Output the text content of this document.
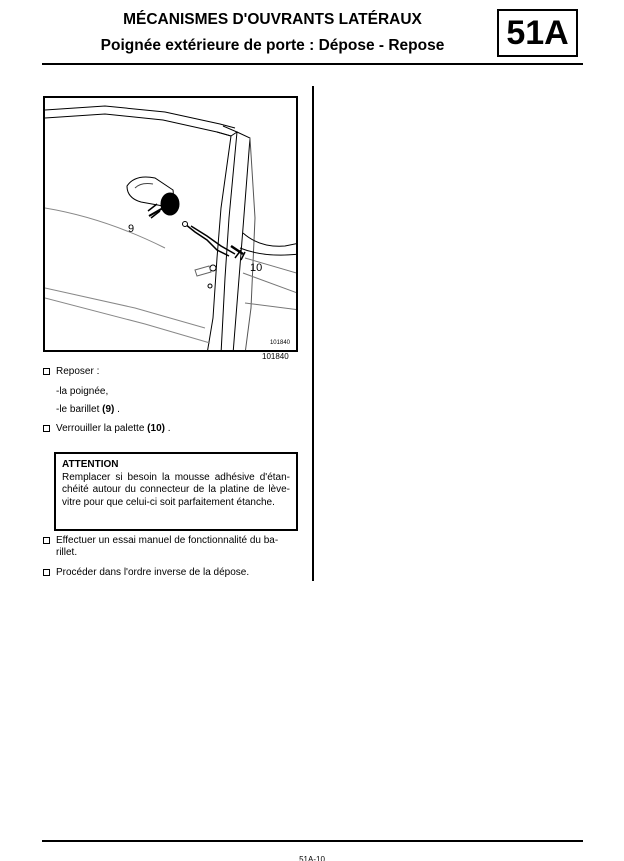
MÉCANISMES D'OUVRANTS LATÉRAUX
Poignée extérieure de porte : Dépose - Repose	51A
9
10
101840
101840
Reposer :
-la poignée,
-le barillet (9) .
Verrouiller la palette (10) .
ATTENTION
Remplacer si besoin la mousse adhésive d'étan-chéité autour du connecteur de la platine de lève-vitre pour que celui-ci soit parfaitement étanche.
Effectuer un essai manuel de fonctionnalité du ba-
rillet.
Procéder dans l'ordre inverse de la dépose.
51A-10
